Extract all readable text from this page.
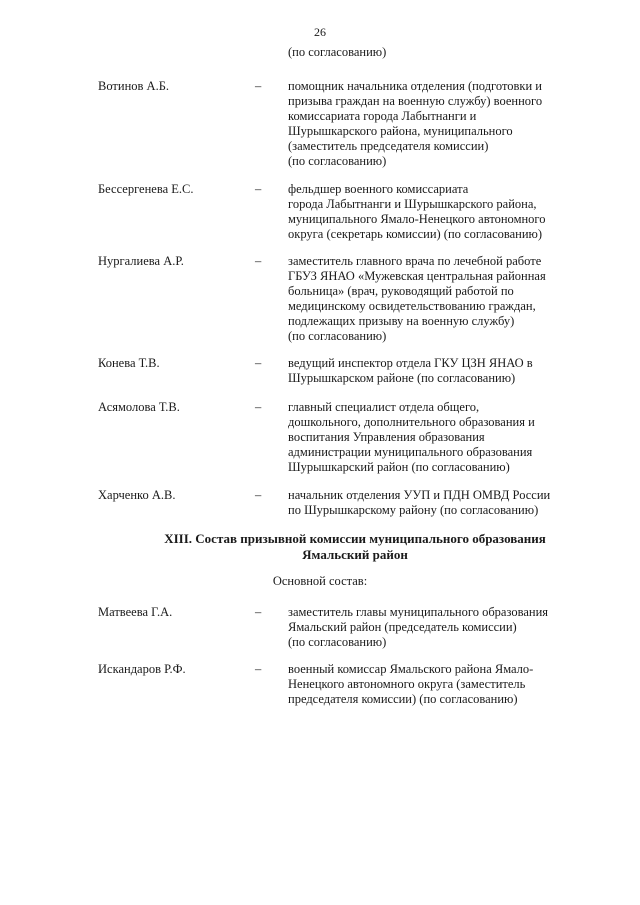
26
(по согласованию)
Вотинов А.Б.	– помощник начальника отделения (подготовки и
призыва граждан на военную службу) военного
комиссариата города Лабытнанги и
Шурышкарского района, муниципального
(заместитель председателя комиссии)
(по согласованию)
Бессергенева Е.С.	– фельдшер военного комиссариата
города Лабытнанги и Шурышкарского района,
муниципального Ямало-Ненецкого автономного
округа (секретарь комиссии) (по согласованию)
Нургалиева А.Р.	– заместитель главного врача по лечебной работе
ГБУЗ ЯНАО «Мужевская центральная районная
больница» (врач, руководящий работой по
медицинскому освидетельствованию граждан,
подлежащих призыву на военную службу)
(по согласованию)
Конева Т.В.	– ведущий инспектор отдела ГКУ ЦЗН ЯНАО в
Шурышкарском районе (по согласованию)
Асямолова Т.В.	– главный специалист отдела общего,
дошкольного, дополнительного образования и
воспитания Управления образования
администрации муниципального образования
Шурышкарский район (по согласованию)
Харченко А.В.	– начальник отделения УУП и ПДН ОМВД России
по Шурышкарскому району (по согласованию)
XIII. Состав призывной комиссии муниципального образования
Ямальский район
Основной состав:
Матвеева Г.А.	– заместитель главы муниципального образования
Ямальский район (председатель комиссии)
(по согласованию)
Искандаров Р.Ф.	– военный комиссар Ямальского района Ямало-
Ненецкого автономного округа (заместитель
председателя комиссии) (по согласованию)
